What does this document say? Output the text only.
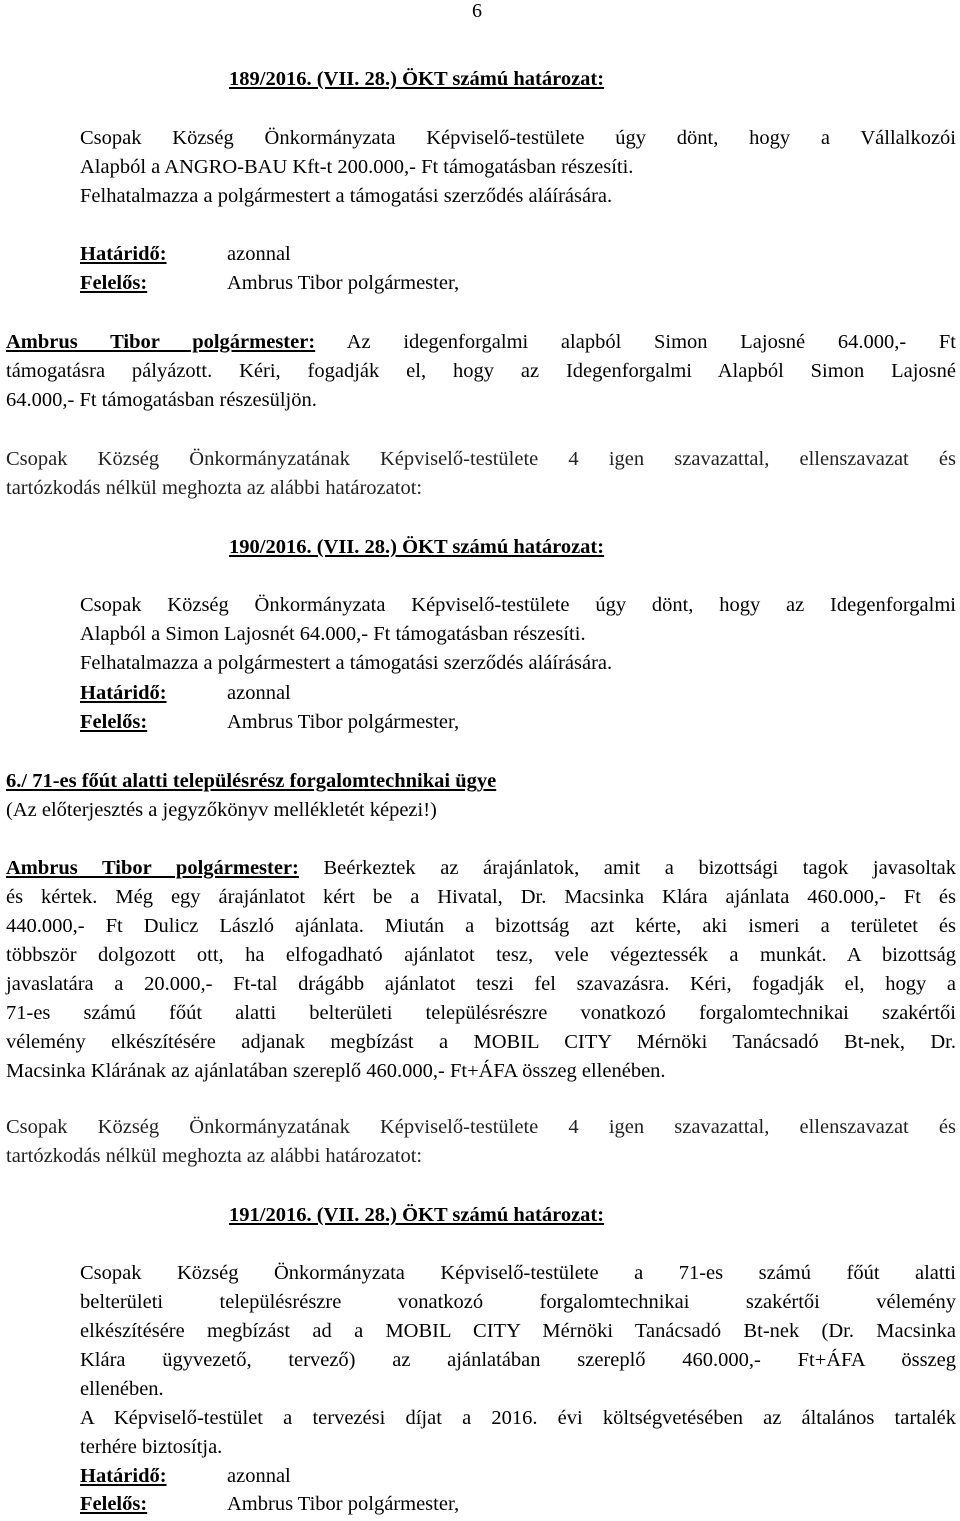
6
189/2016. (VII. 28.) ÖKT számú határozat:
Csopak Község Önkormányzata Képviselő-testülete úgy dönt, hogy a Vállalkozói
Alapból a ANGRO-BAU Kft-t 200.000,- Ft támogatásban részesíti.
Felhatalmazza a polgármestert a támogatási szerződés aláírására.
Határidő:	azonnal
Felelős:	Ambrus Tibor polgármester,
Ambrus Tibor polgármester: Az idegenforgalmi alapból Simon Lajosné 64.000,- Ft
támogatásra pályázott. Kéri, fogadják el, hogy az Idegenforgalmi Alapból Simon Lajosné
64.000,- Ft támogatásban részesüljön.
Csopak Község Önkormányzatának Képviselő-testülete 4 igen szavazattal, ellenszavazat és
tartózkodás nélkül meghozta az alábbi határozatot:
190/2016. (VII. 28.) ÖKT számú határozat:
Csopak Község Önkormányzata Képviselő-testülete úgy dönt, hogy az Idegenforgalmi
Alapból a Simon Lajosnét 64.000,- Ft támogatásban részesíti.
Felhatalmazza a polgármestert a támogatási szerződés aláírására.
Határidő:	azonnal
Felelős:	Ambrus Tibor polgármester,
6./ 71-es főút alatti településrész forgalomtechnikai ügye
(Az előterjesztés a jegyzőkönyv mellékletét képezi!)
Ambrus Tibor polgármester: Beérkeztek az árajánlatok, amit a bizottsági tagok javasoltak
és kértek. Még egy árajánlatot kért be a Hivatal, Dr. Macsinka Klára ajánlata 460.000,- Ft és
440.000,- Ft Dulicz László ajánlata. Miután a bizottság azt kérte, aki ismeri a területet és
többször dolgozott ott, ha elfogadható ajánlatot tesz, vele végeztessék a munkát. A bizottság
javaslatára a 20.000,- Ft-tal drágább ajánlatot teszi fel szavazásra. Kéri, fogadják el, hogy a
71-es számú főút alatti belterületi településrészre vonatkozó forgalomtechnikai szakértői
vélemény elkészítésére adjanak megbízást a MOBIL CITY Mérnöki Tanácsadó Bt-nek, Dr.
Macsinka Klárának az ajánlatában szereplő 460.000,- Ft+ÁFA összeg ellenében.
Csopak Község Önkormányzatának Képviselő-testülete 4 igen szavazattal, ellenszavazat és
tartózkodás nélkül meghozta az alábbi határozatot:
191/2016. (VII. 28.) ÖKT számú határozat:
Csopak Község Önkormányzata Képviselő-testülete a 71-es számú főút alatti
belterületi településrészre vonatkozó forgalomtechnikai szakértői vélemény
elkészítésére megbízást ad a MOBIL CITY Mérnöki Tanácsadó Bt-nek (Dr. Macsinka
Klára ügyvezető, tervező) az ajánlatában szereplő 460.000,- Ft+ÁFA összeg
ellenében.
A Képviselő-testület a tervezési díjat a 2016. évi költségvetésében az általános tartalék
terhére biztosítja.
Határidő:	azonnal
Felelős:	Ambrus Tibor polgármester,
